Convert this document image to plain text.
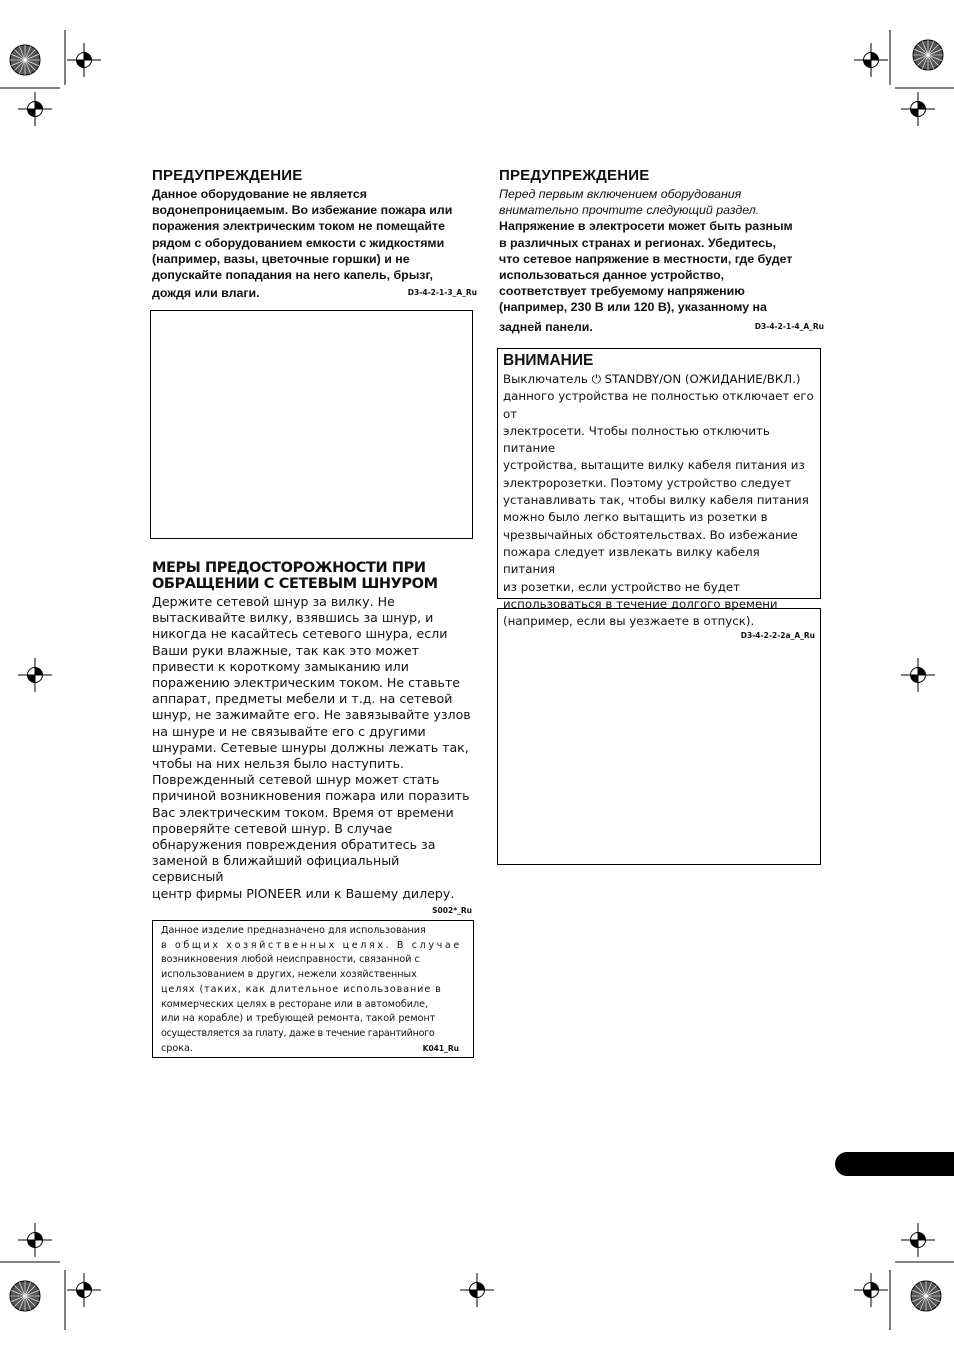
ПРЕДУПРЕЖДЕНИЕ
Данное оборудование не является
водонепроницаемым. Во избежание пожара или
поражения электрическим током не помещайте
рядом с оборудованием емкости с жидкостями
(например, вазы, цветочные горшки) и не
допускайте попадания на него капель, брызг,
дождя или влаги.	D3-4-2-1-3_A_Ru
МЕРЫ ПРЕДОСТОРОЖНОСТИ ПРИ
ОБРАЩЕНИИ С СЕТЕВЫМ ШНУРОМ
Держите сетевой шнур за вилку. Не
вытаскивайте вилку, взявшись за шнур, и
никогда не касайтесь сетевого шнура, если
Ваши руки влажные, так как это может
привести к короткому замыканию или
поражению электрическим током. Не ставьте
аппарат, предметы мебели и т.д. на сетевой
шнур, не зажимайте его. Не завязывайте узлов
на шнуре и не связывайте его с другими
шнурами. Сетевые шнуры должны лежать так,
чтобы на них нельзя было наступить.
Поврежденный сетевой шнур может стать
причиной возникновения пожара или поразить
Вас электрическим током. Время от времени
проверяйте сетевой шнур. В случае
обнаружения повреждения обратитесь за
заменой в ближайший официальный сервисный
центр фирмы PIONEER или к Вашему дилеру.
S002*_Ru
Данное изделие предназначено для использования
в общих хозяйственных целях. В случае
возникновения любой неисправности, связанной с
использованием в других, нежели хозяйственных
целях (таких, как длительное использование в
коммерческих целях в ресторане или в автомобиле,
или на корабле) и требующей ремонта, такой ремонт
осуществляется за плату, даже в течение гарантийного
срока.	K041_Ru
ПРЕДУПРЕЖДЕНИЕ
Перед первым включением оборудования
внимательно прочтите следующий раздел.
Напряжение в электросети может быть разным
в различных странах и регионах. Убедитесь,
что сетевое напряжение в местности, где будет
использоваться данное устройство,
соответствует требуемому напряжению
(например, 230 В или 120 В), указанному на
задней панели.	D3-4-2-1-4_A_Ru
ВНИМАНИЕ
Выключатель ⏻ STANDBY/ON (ОЖИДАНИЕ/ВКЛ.)
данного устройства не полностью отключает его от
электросети. Чтобы полностью отключить питание
устройства, вытащите вилку кабеля питания из
электророзетки. Поэтому устройство следует
устанавливать так, чтобы вилку кабеля питания
можно было легко вытащить из розетки в
чрезвычайных обстоятельствах. Во избежание
пожара следует извлекать вилку кабеля питания
из розетки, если устройство не будет
использоваться в течение долгого времени
(например, если вы уезжаете в отпуск).
D3-4-2-2-2a_A_Ru
